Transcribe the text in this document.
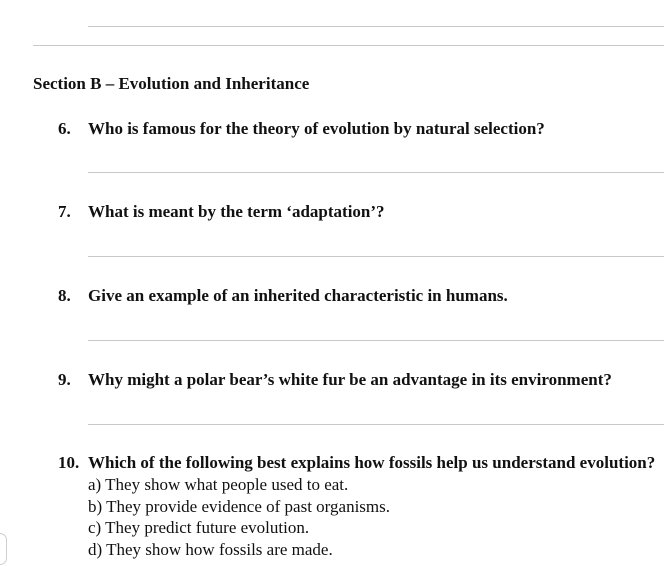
Section B – Evolution and Inheritance
6. Who is famous for the theory of evolution by natural selection?
7. What is meant by the term ‘adaptation’?
8. Give an example of an inherited characteristic in humans.
9. Why might a polar bear’s white fur be an advantage in its environment?
10. Which of the following best explains how fossils help us understand evolution?
a) They show what people used to eat.
b) They provide evidence of past organisms.
c) They predict future evolution.
d) They show how fossils are made.
